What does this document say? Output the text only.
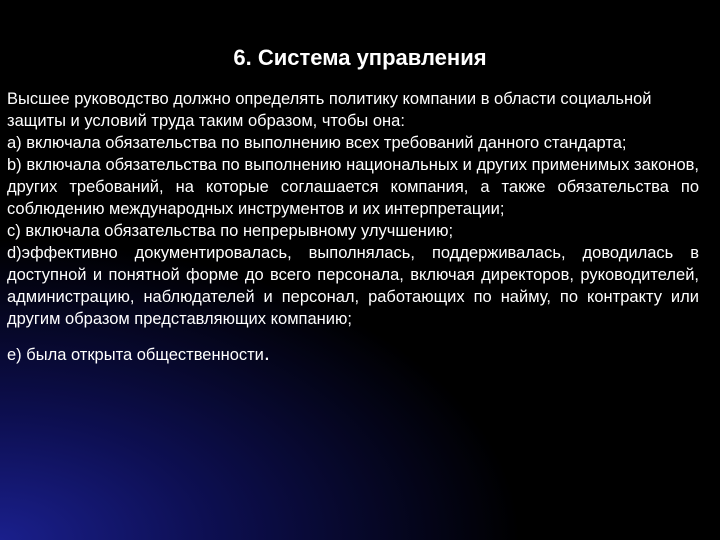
6. Система управления

Высшее руководство должно определять политику компании в области социальной защиты и условий труда таким образом, чтобы она:

a) включала обязательства по выполнению всех требований данного стандарта;

b) включала обязательства по выполнению национальных и других применимых законов, других требований, на которые соглашается компания, а также обязательства по соблюдению международных инструментов и их интерпретации;

c) включала обязательства по непрерывному улучшению;

d)эффективно документировалась, выполнялась, поддерживалась, доводилась в доступной и понятной форме до всего персонала, включая директоров, руководителей, администрацию, наблюдателей и персонал, работающих по найму, по контракту или другим образом представляющих компанию;

e) была открыта общественности.
